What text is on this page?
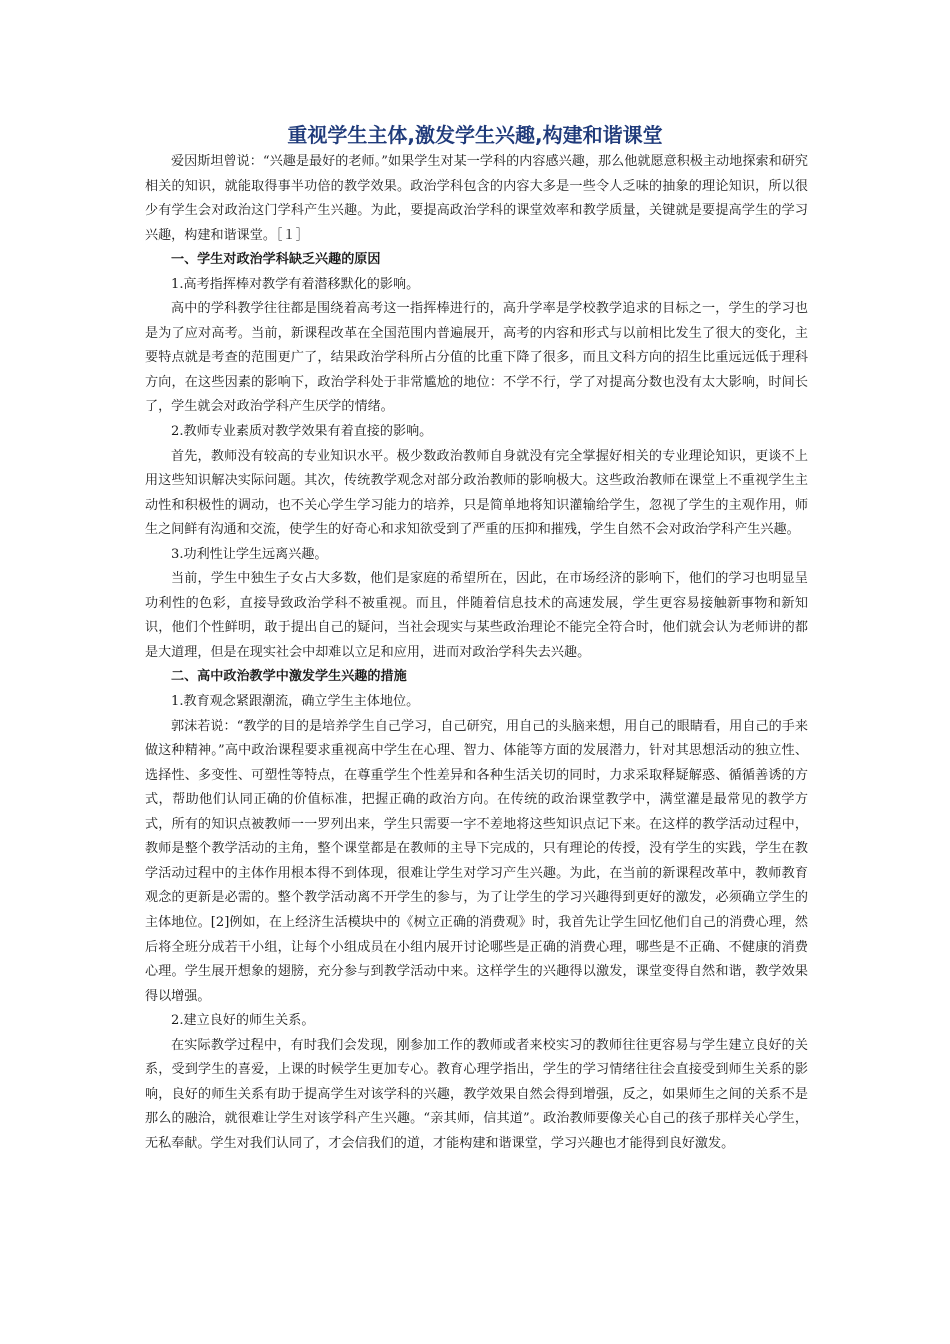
重视学生主体,激发学生兴趣,构建和谐课堂

爱因斯坦曾说：“兴趣是最好的老师。”如果学生对某一学科的内容感兴趣，那么他就愿意积极主动地探索和研究相关的知识，就能取得事半功倍的教学效果。政治学科包含的内容大多是一些令人乏味的抽象的理论知识，所以很少有学生会对政治这门学科产生兴趣。为此，要提高政治学科的课堂效率和教学质量，关键就是要提高学生的学习兴趣，构建和谐课堂。［１］

一、学生对政治学科缺乏兴趣的原因

1.高考指挥棒对教学有着潜移默化的影响。

高中的学科教学往往都是围绕着高考这一指挥棒进行的，高升学率是学校教学追求的目标之一，学生的学习也是为了应对高考。当前，新课程改革在全国范围内普遍展开，高考的内容和形式与以前相比发生了很大的变化，主要特点就是考查的范围更广了，结果政治学科所占分值的比重下降了很多，而且文科方向的招生比重远远低于理科方向，在这些因素的影响下，政治学科处于非常尴尬的地位：不学不行，学了对提高分数也没有太大影响，时间长了，学生就会对政治学科产生厌学的情绪。

2.教师专业素质对教学效果有着直接的影响。

首先，教师没有较高的专业知识水平。极少数政治教师自身就没有完全掌握好相关的专业理论知识，更谈不上用这些知识解决实际问题。其次，传统教学观念对部分政治教师的影响极大。这些政治教师在课堂上不重视学生主动性和积极性的调动，也不关心学生学习能力的培养，只是简单地将知识灌输给学生，忽视了学生的主观作用，师生之间鲜有沟通和交流，使学生的好奇心和求知欲受到了严重的压抑和摧残，学生自然不会对政治学科产生兴趣。

3.功利性让学生远离兴趣。

当前，学生中独生子女占大多数，他们是家庭的希望所在，因此，在市场经济的影响下，他们的学习也明显呈功利性的色彩，直接导致政治学科不被重视。而且，伴随着信息技术的高速发展，学生更容易接触新事物和新知识，他们个性鲜明，敢于提出自己的疑问，当社会现实与某些政治理论不能完全符合时，他们就会认为老师讲的都是大道理，但是在现实社会中却难以立足和应用，进而对政治学科失去兴趣。

二、高中政治教学中激发学生兴趣的措施

1.教育观念紧跟潮流，确立学生主体地位。

郭沫若说：“教学的目的是培养学生自己学习，自己研究，用自己的头脑来想，用自己的眼睛看，用自己的手来做这种精神。”高中政治课程要求重视高中学生在心理、智力、体能等方面的发展潜力，针对其思想活动的独立性、选择性、多变性、可塑性等特点，在尊重学生个性差异和各种生活关切的同时，力求采取释疑解惑、循循善诱的方式，帮助他们认同正确的价值标准，把握正确的政治方向。在传统的政治课堂教学中，满堂灌是最常见的教学方式，所有的知识点被教师一一罗列出来，学生只需要一字不差地将这些知识点记下来。在这样的教学活动过程中，教师是整个教学活动的主角，整个课堂都是在教师的主导下完成的，只有理论的传授，没有学生的实践，学生在教学活动过程中的主体作用根本得不到体现，很难让学生对学习产生兴趣。为此，在当前的新课程改革中，教师教育观念的更新是必需的。整个教学活动离不开学生的参与，为了让学生的学习兴趣得到更好的激发，必须确立学生的主体地位。[2]例如，在上经济生活模块中的《树立正确的消费观》时，我首先让学生回忆他们自己的消费心理，然后将全班分成若干小组，让每个小组成员在小组内展开讨论哪些是正确的消费心理，哪些是不正确、不健康的消费心理。学生展开想象的翅膀，充分参与到教学活动中来。这样学生的兴趣得以激发，课堂变得自然和谐，教学效果得以增强。

2.建立良好的师生关系。

在实际教学过程中，有时我们会发现，刚参加工作的教师或者来校实习的教师往往更容易与学生建立良好的关系，受到学生的喜爱，上课的时候学生更加专心。教育心理学指出，学生的学习情绪往往会直接受到师生关系的影响，良好的师生关系有助于提高学生对该学科的兴趣，教学效果自然会得到增强，反之，如果师生之间的关系不是那么的融洽，就很难让学生对该学科产生兴趣。“亲其师，信其道”。政治教师要像关心自己的孩子那样关心学生，无私奉献。学生对我们认同了，才会信我们的道，才能构建和谐课堂，学习兴趣也才能得到良好激发。
